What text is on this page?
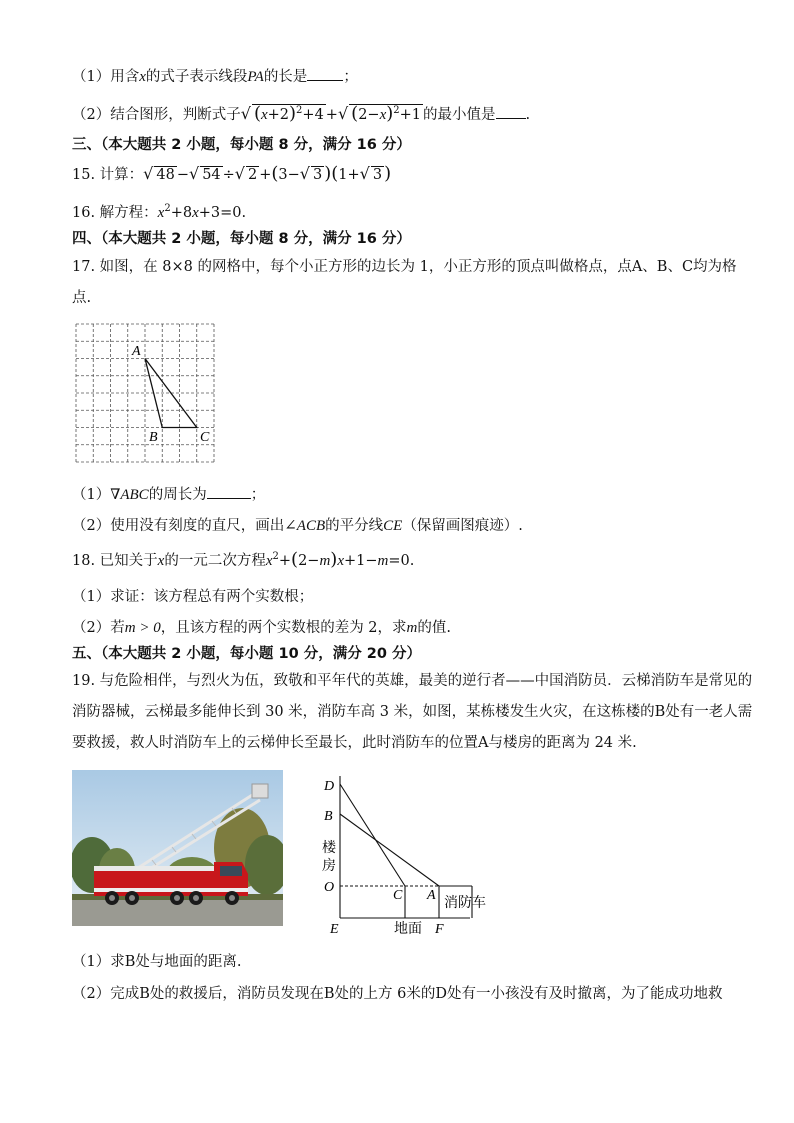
（1）用含x的式子表示线段PA的长是 ；
（2）结合图形，判断式子√ $(x+2)^2+4$ +√ $(2-x)^2+1$ 的最小值是 .
三、（本大题共 2 小题，每小题 8 分，满分 16 分）
15. 计算：√ 48 −√ 54 ÷√ 2 +(3−√ 3 )(1+√ 3 )
16. 解方程：$x^2+8x+3=0$.
四、（本大题共 2 小题，每小题 8 分，满分 16 分）
17. 如图，在 8×8 的网格中，每个小正方形的边长为 1，小正方形的顶点叫做格点，点A、B、C均为格
点.
A
B	C
（1）∇ABC的周长为	；
（2）使用没有刻度的直尺，画出∠ACB的平分线CE（保留画图痕迹）.
18. 已知关于x的一元二次方程$x^2+(2-m)x+1-m=0$.
（1）求证：该方程总有两个实数根；
（2）若m > 0，且该方程的两个实数根的差为 2，求m的值.
五、（本大题共 2 小题，每小题 10 分，满分 20 分）
19. 与危险相伴，与烈火为伍，致敬和平年代的英雄，最美的逆行者——中国消防员．云梯消防车是常见的
消防器械，云梯最多能伸长到 30 米，消防车高 3 米，如图，某栋楼发生火灾，在这栋楼的B处有一老人需
要救援，救人时消防车上的云梯伸长至最长，此时消防车的位置A与楼房的距离为 24 米.
D
B
楼
房
O
C A
消防车
E	地面 F
（1）求B处与地面的距离.
（2）完成B处的救援后，消防员发现在B处的上方 6米的D处有一小孩没有及时撤离，为了能成功地救
